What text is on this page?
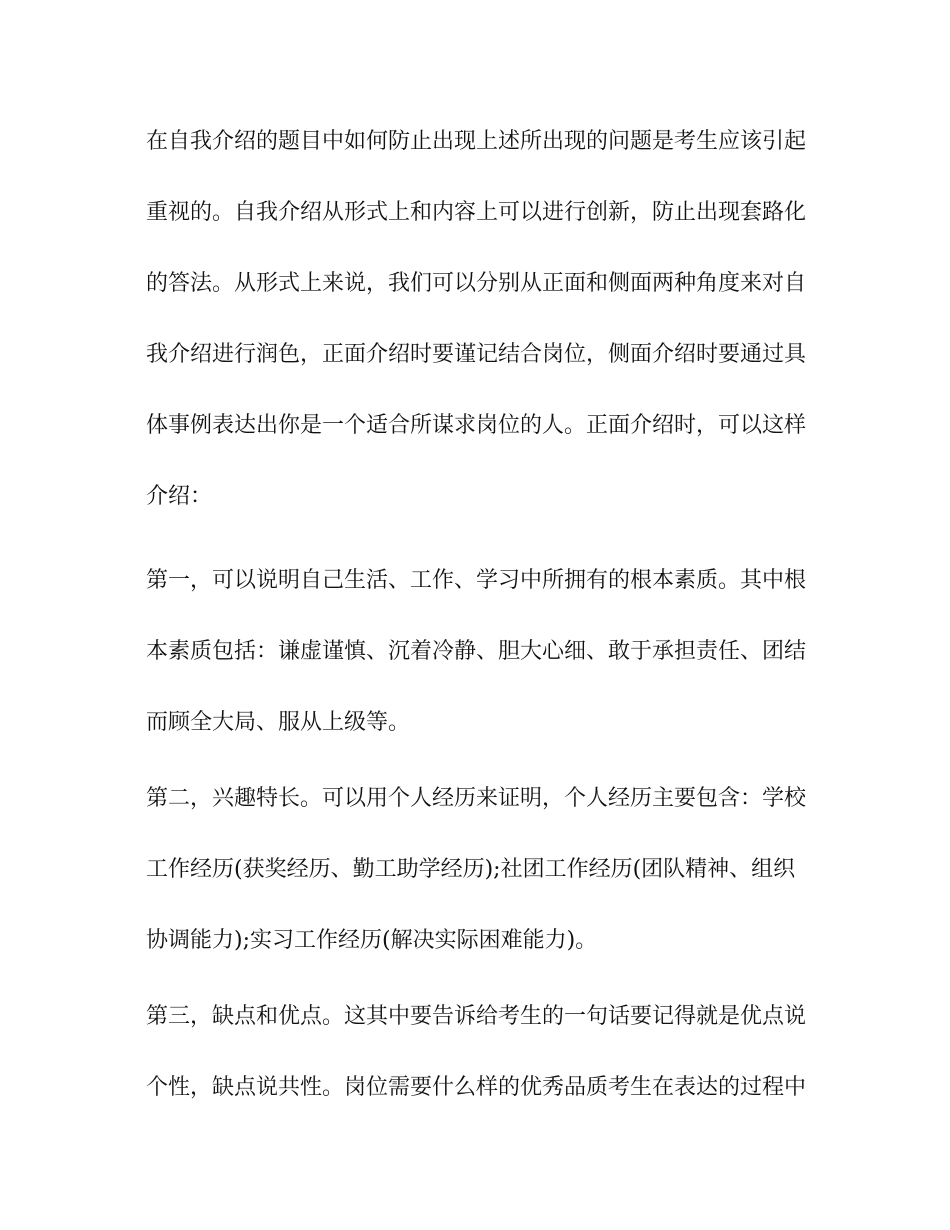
在自我介绍的题目中如何防止出现上述所出现的问题是考生应该引起
重视的。自我介绍从形式上和内容上可以进行创新，防止出现套路化
的答法。从形式上来说，我们可以分别从正面和侧面两种角度来对自
我介绍进行润色，正面介绍时要谨记结合岗位，侧面介绍时要通过具
体事例表达出你是一个适合所谋求岗位的人。正面介绍时，可以这样
介绍：
第一，可以说明自己生活、工作、学习中所拥有的根本素质。其中根
本素质包括：谦虚谨慎、沉着冷静、胆大心细、敢于承担责任、团结
而顾全大局、服从上级等。
第二，兴趣特长。可以用个人经历来证明，个人经历主要包含：学校
工作经历(获奖经历、勤工助学经历);社团工作经历(团队精神、组织
协调能力);实习工作经历(解决实际困难能力)。
第三，缺点和优点。这其中要告诉给考生的一句话要记得就是优点说
个性，缺点说共性。岗位需要什么样的优秀品质考生在表达的过程中
